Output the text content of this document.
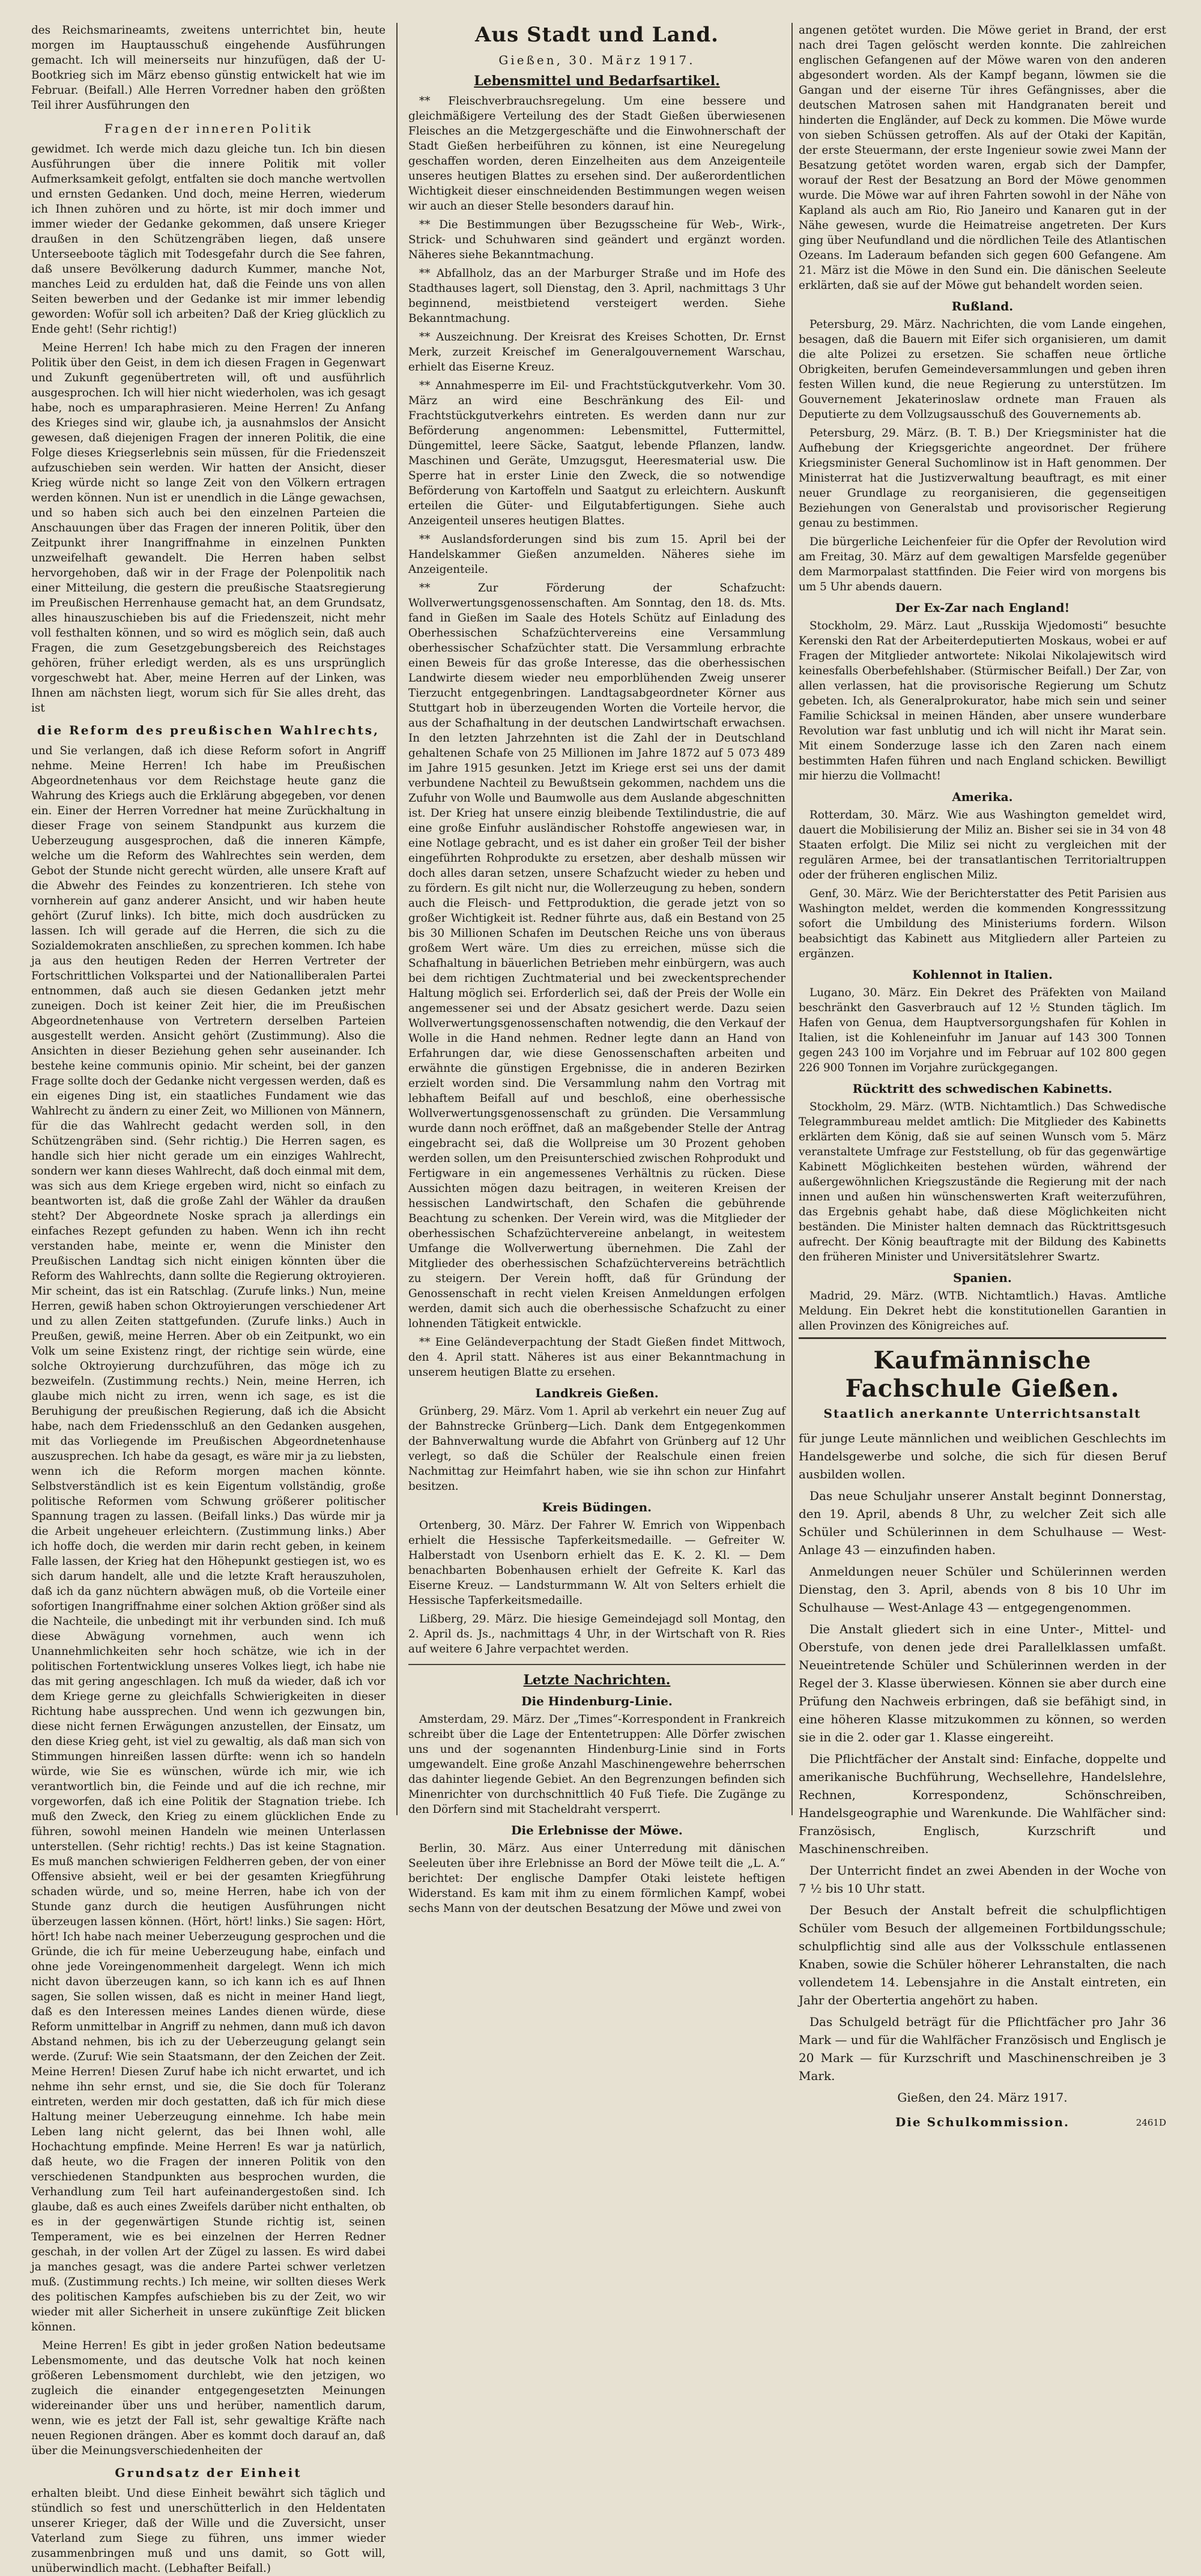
des Reichsmarineamts, zweitens unterrichtet bin, heute morgen im Hauptausschuß eingehende Ausführungen gemacht. Ich will meinerseits nur hinzufügen, daß der U-Bootkrieg sich im März ebenso günstig entwickelt hat wie im Februar. (Beifall.) Alle Herren Vorredner haben den größten Teil ihrer Ausführungen den

Fragen der inneren Politik

gewidmet. Ich werde mich dazu gleiche tun. Ich bin diesen Ausführungen über die innere Politik mit voller Aufmerksamkeit gefolgt, entfalten sie doch manche wertvollen und ernsten Gedanken. Und doch, meine Herren, wiederum ich Ihnen zuhören und zu hörte, ist mir doch immer und immer wieder der Gedanke gekommen, daß unsere Krieger draußen in den Schützengräben liegen, daß unsere Unterseeboote täglich mit Todesgefahr durch die See fahren, daß unsere Bevölkerung dadurch Kummer, manche Not, manches Leid zu erdulden hat, daß die Feinde uns von allen Seiten bewerben und der Gedanke ist mir immer lebendig geworden: Wofür soll ich arbeiten? Daß der Krieg glücklich zu Ende geht! (Sehr richtig!)

Meine Herren! Ich habe mich zu den Fragen der inneren Politik über den Geist, in dem ich diesen Fragen in Gegenwart und Zukunft gegenübertreten will, oft und ausführlich ausgesprochen. Ich will hier nicht wiederholen, was ich gesagt habe, noch es umparaphrasieren. Meine Herren! Zu Anfang des Krieges sind wir, glaube ich, ja ausnahmslos der Ansicht gewesen, daß diejenigen Fragen der inneren Politik, die eine Folge dieses Kriegserlebnis sein müssen, für die Friedenszeit aufzuschieben sein werden. Wir hatten der Ansicht, dieser Krieg würde nicht so lange Zeit von den Völkern ertragen werden können. Nun ist er unendlich in die Länge gewachsen, und so haben sich auch bei den einzelnen Parteien die Anschauungen über das Fragen der inneren Politik, über den Zeitpunkt ihrer Inangriffnahme in einzelnen Punkten unzweifelhaft gewandelt. Die Herren haben selbst hervorgehoben, daß wir in der Frage der Polenpolitik nach einer Mitteilung, die gestern die preußische Staatsregierung im Preußischen Herrenhause gemacht hat, an dem Grundsatz, alles hinauszuschieben bis auf die Friedenszeit, nicht mehr voll festhalten können, und so wird es möglich sein, daß auch Fragen, die zum Gesetzgebungsbereich des Reichstages gehören, früher erledigt werden, als es uns ursprünglich vorgeschwebt hat. Aber, meine Herren auf der Linken, was Ihnen am nächsten liegt, worum sich für Sie alles dreht, das ist

die Reform des preußischen Wahlrechts,

und Sie verlangen, daß ich diese Reform sofort in Angriff nehme. Meine Herren! Ich habe im Preußischen Abgeordnetenhaus vor dem Reichstage heute ganz die Wahrung des Kriegs auch die Erklärung abgegeben, vor denen ein. Einer der Herren Vorredner hat meine Zurückhaltung in dieser Frage von seinem Standpunkt aus kurzem die Ueberzeugung ausgesprochen, daß die inneren Kämpfe, welche um die Reform des Wahlrechtes sein werden, dem Gebot der Stunde nicht gerecht würden, alle unsere Kraft auf die Abwehr des Feindes zu konzentrieren. Ich stehe von vornherein auf ganz anderer Ansicht, und wir haben heute gehört (Zuruf links). Ich bitte, mich doch ausdrücken zu lassen. Ich will gerade auf die Herren, die sich zu die Sozialdemokraten anschließen, zu sprechen kommen. Ich habe ja aus den heutigen Reden der Herren Vertreter der Fortschrittlichen Volkspartei und der Nationalliberalen Partei entnommen, daß auch sie diesen Gedanken jetzt mehr zuneigen. Doch ist keiner Zeit hier, die im Preußischen Abgeordnetenhause von Vertretern derselben Parteien ausgestellt werden. Ansicht gehört (Zustimmung). Also die Ansichten in dieser Beziehung gehen sehr auseinander. Ich bestehe keine communis opinio. Mir scheint, bei der ganzen Frage sollte doch der Gedanke nicht vergessen werden, daß es ein eigenes Ding ist, ein staatliches Fundament wie das Wahlrecht zu ändern zu einer Zeit, wo Millionen von Männern, für die das Wahlrecht gedacht werden soll, in den Schützengräben sind. (Sehr richtig.) Die Herren sagen, es handle sich hier nicht gerade um ein einziges Wahlrecht, sondern wer kann dieses Wahlrecht, daß doch einmal mit dem, was sich aus dem Kriege ergeben wird, nicht so einfach zu beantworten ist, daß die große Zahl der Wähler da draußen steht? Der Abgeordnete Noske sprach ja allerdings ein einfaches Rezept gefunden zu haben. Wenn ich ihn recht verstanden habe, meinte er, wenn die Minister den Preußischen Landtag sich nicht einigen könnten über die Reform des Wahlrechts, dann sollte die Regierung oktroyieren. Mir scheint, das ist ein Ratschlag. (Zurufe links.) Nun, meine Herren, gewiß haben schon Oktroyierungen verschiedener Art und zu allen Zeiten stattgefunden. (Zurufe links.) Auch in Preußen, gewiß, meine Herren. Aber ob ein Zeitpunkt, wo ein Volk um seine Existenz ringt, der richtige sein würde, eine solche Oktroyierung durchzuführen, das möge ich zu bezweifeln. (Zustimmung rechts.) Nein, meine Herren, ich glaube mich nicht zu irren, wenn ich sage, es ist die Beruhigung der preußischen Regierung, daß ich die Absicht habe, nach dem Friedensschluß an den Gedanken ausgehen, mit das Vorliegende im Preußischen Abgeordnetenhause auszusprechen. Ich habe da gesagt, es wäre mir ja zu liebsten, wenn ich die Reform morgen machen könnte. Selbstverständlich ist es kein Eigentum vollständig, große politische Reformen vom Schwung größerer politischer Spannung tragen zu lassen. (Beifall links.) Das würde mir ja die Arbeit ungeheuer erleichtern. (Zustimmung links.) Aber ich hoffe doch, die werden mir darin recht geben, in keinem Falle lassen, der Krieg hat den Höhepunkt gestiegen ist, wo es sich darum handelt, alle und die letzte Kraft herauszuholen, daß ich da ganz nüchtern abwägen muß, ob die Vorteile einer sofortigen Inangriffnahme einer solchen Aktion größer sind als die Nachteile, die unbedingt mit ihr verbunden sind. Ich muß diese Abwägung vornehmen, auch wenn ich Unannehmlichkeiten sehr hoch schätze, wie ich in der politischen Fortentwicklung unseres Volkes liegt, ich habe nie das mit gering angeschlagen. Ich muß da wieder, daß ich vor dem Kriege gerne zu gleichfalls Schwierigkeiten in dieser Richtung habe aussprechen. Und wenn ich gezwungen bin, diese nicht fernen Erwägungen anzustellen, der Einsatz, um den diese Krieg geht, ist viel zu gewaltig, als daß man sich von Stimmungen hinreißen lassen dürfte: wenn ich so handeln würde, wie Sie es wünschen, würde ich mir, wie ich verantwortlich bin, die Feinde und auf die ich rechne, mir vorgeworfen, daß ich eine Politik der Stagnation triebe. Ich muß den Zweck, den Krieg zu einem glücklichen Ende zu führen, sowohl meinen Handeln wie meinen Unterlassen unterstellen. (Sehr richtig! rechts.) Das ist keine Stagnation. Es muß manchen schwierigen Feldherren geben, der von einer Offensive absieht, weil er bei der gesamten Kriegführung schaden würde, und so, meine Herren, habe ich von der Stunde ganz durch die heutigen Ausführungen nicht überzeugen lassen können. (Hört, hört! links.) Sie sagen: Hört, hört! Ich habe nach meiner Ueberzeugung gesprochen und die Gründe, die ich für meine Ueberzeugung habe, einfach und ohne jede Voreingenommenheit dargelegt. Wenn ich mich nicht davon überzeugen kann, so ich kann ich es auf Ihnen sagen, Sie sollen wissen, daß es nicht in meiner Hand liegt, daß es den Interessen meines Landes dienen würde, diese Reform unmittelbar in Angriff zu nehmen, dann muß ich davon Abstand nehmen, bis ich zu der Ueberzeugung gelangt sein werde. (Zuruf: Wie sein Staatsmann, der den Zeichen der Zeit. Meine Herren! Diesen Zuruf habe ich nicht erwartet, und ich nehme ihn sehr ernst, und sie, die Sie doch für Toleranz eintreten, werden mir doch gestatten, daß ich für mich diese Haltung meiner Ueberzeugung einnehme. Ich habe mein Leben lang nicht gelernt, das bei Ihnen wohl, alle Hochachtung empfinde. Meine Herren! Es war ja natürlich, daß heute, wo die Fragen der inneren Politik von den verschiedenen Standpunkten aus besprochen wurden, die Verhandlung zum Teil hart aufeinandergestoßen sind. Ich glaube, daß es auch eines Zweifels darüber nicht enthalten, ob es in der gegenwärtigen Stunde richtig ist, seinen Temperament, wie es bei einzelnen der Herren Redner geschah, in der vollen Art der Zügel zu lassen. Es wird dabei ja manches gesagt, was die andere Partei schwer verletzen muß. (Zustimmung rechts.) Ich meine, wir sollten dieses Werk des politischen Kampfes aufschieben bis zu der Zeit, wo wir wieder mit aller Sicherheit in unsere zukünftige Zeit blicken können.

Meine Herren! Es gibt in jeder großen Nation bedeutsame Lebensmomente, und das deutsche Volk hat noch keinen größeren Lebensmoment durchlebt, wie den jetzigen, wo zugleich die einander entgegengesetzten Meinungen widereinander über uns und herüber, namentlich darum, wenn, wie es jetzt der Fall ist, sehr gewaltige Kräfte nach neuen Regionen drängen. Aber es kommt doch darauf an, daß über die Meinungsverschiedenheiten der

Grundsatz der Einheit

erhalten bleibt. Und diese Einheit bewährt sich täglich und stündlich so fest und unerschütterlich in den Heldentaten unserer Krieger, daß der Wille und die Zuversicht, unser Vaterland zum Siege zu führen, uns immer wieder zusammenbringen muß und uns damit, so Gott will, unüberwindlich macht. (Lebhafter Beifall.)

Aus Stadt und Land.
Gießen, 30. März 1917.
Lebensmittel und Bedarfsartikel.

** Fleischverbrauchsregelung. Um eine bessere und gleichmäßigere Verteilung des der Stadt Gießen überwiesenen Fleisches an die Metzgergeschäfte und die Einwohnerschaft der Stadt Gießen herbeiführen zu können, ist eine Neuregelung geschaffen worden, deren Einzelheiten aus dem Anzeigenteile unseres heutigen Blattes zu ersehen sind. Der außerordentlichen Wichtigkeit dieser einschneidenden Bestimmungen wegen weisen wir auch an dieser Stelle besonders darauf hin.

** Die Bestimmungen über Bezugsscheine für Web-, Wirk-, Strick- und Schuhwaren sind geändert und ergänzt worden. Näheres siehe Bekanntmachung.

** Abfallholz, das an der Marburger Straße und im Hofe des Stadthauses lagert, soll Dienstag, den 3. April, nachmittags 3 Uhr beginnend, meistbietend versteigert werden. Siehe Bekanntmachung.

** Auszeichnung. Der Kreisrat des Kreises Schotten, Dr. Ernst Merk, zurzeit Kreischef im Generalgouvernement Warschau, erhielt das Eiserne Kreuz.

** Annahmesperre im Eil- und Frachtstückgutverkehr. Vom 30. März an wird eine Beschränkung des Eil- und Frachtstückgutverkehrs eintreten. Es werden dann nur zur Beförderung angenommen: Lebensmittel, Futtermittel, Düngemittel, leere Säcke, Saatgut, lebende Pflanzen, landw. Maschinen und Geräte, Umzugsgut, Heeresmaterial usw. Die Sperre hat in erster Linie den Zweck, die so notwendige Beförderung von Kartoffeln und Saatgut zu erleichtern. Auskunft erteilen die Güter- und Eilgutabfertigungen. Siehe auch Anzeigenteil unseres heutigen Blattes.

** Auslandsforderungen sind bis zum 15. April bei der Handelskammer Gießen anzumelden. Näheres siehe im Anzeigenteile.

** Zur Förderung der Schafzucht: Wollverwertungsgenossenschaften. Am Sonntag, den 18. ds. Mts. fand in Gießen im Saale des Hotels Schütz auf Einladung des Oberhessischen Schafzüchtervereins eine Versammlung oberhessischer Schafzüchter statt. Die Versammlung erbrachte einen Beweis für das große Interesse, das die oberhessischen Landwirte diesem wieder neu emporblühenden Zweig unserer Tierzucht entgegenbringen. Landtagsabgeordneter Körner aus Stuttgart hob in überzeugenden Worten die Vorteile hervor, die aus der Schafhaltung in der deutschen Landwirtschaft erwachsen. In den letzten Jahrzehnten ist die Zahl der in Deutschland gehaltenen Schafe von 25 Millionen im Jahre 1872 auf 5 073 489 im Jahre 1915 gesunken. Jetzt im Kriege erst sei uns der damit verbundene Nachteil zu Bewußtsein gekommen, nachdem uns die Zufuhr von Wolle und Baumwolle aus dem Auslande abgeschnitten ist. Der Krieg hat unsere einzig bleibende Textilindustrie, die auf eine große Einfuhr ausländischer Rohstoffe angewiesen war, in eine Notlage gebracht, und es ist daher ein großer Teil der bisher eingeführten Rohprodukte zu ersetzen, aber deshalb müssen wir doch alles daran setzen, unsere Schafzucht wieder zu heben und zu fördern. Es gilt nicht nur, die Wollerzeugung zu heben, sondern auch die Fleisch- und Fettproduktion, die gerade jetzt von so großer Wichtigkeit ist. Redner führte aus, daß ein Bestand von 25 bis 30 Millionen Schafen im Deutschen Reiche uns von überaus großem Wert wäre. Um dies zu erreichen, müsse sich die Schafhaltung in bäuerlichen Betrieben mehr einbürgern, was auch bei dem richtigen Zuchtmaterial und bei zweckentsprechender Haltung möglich sei. Erforderlich sei, daß der Preis der Wolle ein angemessener sei und der Absatz gesichert werde. Dazu seien Wollverwertungsgenossenschaften notwendig, die den Verkauf der Wolle in die Hand nehmen. Redner legte dann an Hand von Erfahrungen dar, wie diese Genossenschaften arbeiten und erwähnte die günstigen Ergebnisse, die in anderen Bezirken erzielt worden sind. Die Versammlung nahm den Vortrag mit lebhaftem Beifall auf und beschloß, eine oberhessische Wollverwertungsgenossenschaft zu gründen. Die Versammlung wurde dann noch eröffnet, daß an maßgebender Stelle der Antrag eingebracht sei, daß die Wollpreise um 30 Prozent gehoben werden sollen, um den Preisunterschied zwischen Rohprodukt und Fertigware in ein angemessenes Verhältnis zu rücken. Diese Aussichten mögen dazu beitragen, in weiteren Kreisen der hessischen Landwirtschaft, den Schafen die gebührende Beachtung zu schenken. Der Verein wird, was die Mitglieder der oberhessischen Schafzüchtervereine anbelangt, in weitestem Umfange die Wollverwertung übernehmen. Die Zahl der Mitglieder des oberhessischen Schafzüchtervereins beträchtlich zu steigern. Der Verein hofft, daß für Gründung der Genossenschaft in recht vielen Kreisen Anmeldungen erfolgen werden, damit sich auch die oberhessische Schafzucht zu einer lohnenden Tätigkeit entwickle.

** Eine Geländeverpachtung der Stadt Gießen findet Mittwoch, den 4. April statt. Näheres ist aus einer Bekanntmachung in unserem heutigen Blatte zu ersehen.

Landkreis Gießen.

Grünberg, 29. März. Vom 1. April ab verkehrt ein neuer Zug auf der Bahnstrecke Grünberg—Lich. Dank dem Entgegenkommen der Bahnverwaltung wurde die Abfahrt von Grünberg auf 12 Uhr verlegt, so daß die Schüler der Realschule einen freien Nachmittag zur Heimfahrt haben, wie sie ihn schon zur Hinfahrt besitzen.

Kreis Büdingen.

Ortenberg, 30. März. Der Fahrer W. Emrich von Wippenbach erhielt die Hessische Tapferkeitsmedaille. — Gefreiter W. Halberstadt von Usenborn erhielt das E. K. 2. Kl. — Dem benachbarten Bobenhausen erhielt der Gefreite K. Karl das Eiserne Kreuz. — Landsturmmann W. Alt von Selters erhielt die Hessische Tapferkeitsmedaille.

Lißberg, 29. März. Die hiesige Gemeindejagd soll Montag, den 2. April ds. Js., nachmittags 4 Uhr, in der Wirtschaft von R. Ries auf weitere 6 Jahre verpachtet werden.

Letzte Nachrichten.
Die Hindenburg-Linie.

Amsterdam, 29. März. Der „Times“-Korrespondent in Frankreich schreibt über die Lage der Ententetruppen: Alle Dörfer zwischen uns und der sogenannten Hindenburg-Linie sind in Forts umgewandelt. Eine große Anzahl Maschinengewehre beherrschen das dahinter liegende Gebiet. An den Begrenzungen befinden sich Minenrichter von durchschnittlich 40 Fuß Tiefe. Die Zugänge zu den Dörfern sind mit Stacheldraht versperrt.

Die Erlebnisse der Möwe.

Berlin, 30. März. Aus einer Unterredung mit dänischen Seeleuten über ihre Erlebnisse an Bord der Möwe teilt die „L. A.“ berichtet: Der englische Dampfer Otaki leistete heftigen Widerstand. Es kam mit ihm zu einem förmlichen Kampf, wobei sechs Mann von der deutschen Besatzung der Möwe und zwei von

angenen getötet wurden. Die Möwe geriet in Brand, der erst nach drei Tagen gelöscht werden konnte. Die zahlreichen englischen Gefangenen auf der Möwe waren von den anderen abgesondert worden. Als der Kampf begann, löwmen sie die Gangan und der eiserne Tür ihres Gefängnisses, aber die deutschen Matrosen sahen mit Handgranaten bereit und hinderten die Engländer, auf Deck zu kommen. Die Möwe wurde von sieben Schüssen getroffen. Als auf der Otaki der Kapitän, der erste Steuermann, der erste Ingenieur sowie zwei Mann der Besatzung getötet worden waren, ergab sich der Dampfer, worauf der Rest der Besatzung an Bord der Möwe genommen wurde. Die Möwe war auf ihren Fahrten sowohl in der Nähe von Kapland als auch am Rio, Rio Janeiro und Kanaren gut in der Nähe gewesen, wurde die Heimatreise angetreten. Der Kurs ging über Neufundland und die nördlichen Teile des Atlantischen Ozeans. Im Laderaum befanden sich gegen 600 Gefangene. Am 21. März ist die Möwe in den Sund ein. Die dänischen Seeleute erklärten, daß sie auf der Möwe gut behandelt worden seien.

Rußland.

Petersburg, 29. März. Nachrichten, die vom Lande eingehen, besagen, daß die Bauern mit Eifer sich organisieren, um damit die alte Polizei zu ersetzen. Sie schaffen neue örtliche Obrigkeiten, berufen Gemeindeversammlungen und geben ihren festen Willen kund, die neue Regierung zu unterstützen. Im Gouvernement Jekaterinoslaw ordnete man Frauen als Deputierte zu dem Vollzugsausschuß des Gouvernements ab.

Petersburg, 29. März. (B. T. B.) Der Kriegsminister hat die Aufhebung der Kriegsgerichte angeordnet. Der frühere Kriegsminister General Suchomlinow ist in Haft genommen. Der Ministerrat hat die Justizverwaltung beauftragt, es mit einer neuer Grundlage zu reorganisieren, die gegenseitigen Beziehungen von Generalstab und provisorischer Regierung genau zu bestimmen.

Die bürgerliche Leichenfeier für die Opfer der Revolution wird am Freitag, 30. März auf dem gewaltigen Marsfelde gegenüber dem Marmorpalast stattfinden. Die Feier wird von morgens bis um 5 Uhr abends dauern.

Der Ex-Zar nach England!

Stockholm, 29. März. Laut „Russkija Wjedomosti“ besuchte Kerenski den Rat der Arbeiterdeputierten Moskaus, wobei er auf Fragen der Mitglieder antwortete: Nikolai Nikolajewitsch wird keinesfalls Oberbefehlshaber. (Stürmischer Beifall.) Der Zar, von allen verlassen, hat die provisorische Regierung um Schutz gebeten. Ich, als Generalprokurator, habe mich sein und seiner Familie Schicksal in meinen Händen, aber unsere wunderbare Revolution war fast unblutig und ich will nicht ihr Marat sein. Mit einem Sonderzuge lasse ich den Zaren nach einem bestimmten Hafen führen und nach England schicken. Bewilligt mir hierzu die Vollmacht!

Amerika.

Rotterdam, 30. März. Wie aus Washington gemeldet wird, dauert die Mobilisierung der Miliz an. Bisher sei sie in 34 von 48 Staaten erfolgt. Die Miliz sei nicht zu vergleichen mit der regulären Armee, bei der transatlantischen Territorialtruppen oder der früheren englischen Miliz.

Genf, 30. März. Wie der Berichterstatter des Petit Parisien aus Washington meldet, werden die kommenden Kongresssitzung sofort die Umbildung des Ministeriums fordern. Wilson beabsichtigt das Kabinett aus Mitgliedern aller Parteien zu ergänzen.

Kohlennot in Italien.

Lugano, 30. März. Ein Dekret des Präfekten von Mailand beschränkt den Gasverbrauch auf 12 ½ Stunden täglich. Im Hafen von Genua, dem Hauptversorgungshafen für Kohlen in Italien, ist die Kohleneinfuhr im Januar auf 143 300 Tonnen gegen 243 100 im Vorjahre und im Februar auf 102 800 gegen 226 900 Tonnen im Vorjahre zurückgegangen.

Rücktritt des schwedischen Kabinetts.

Stockholm, 29. März. (WTB. Nichtamtlich.) Das Schwedische Telegrammbureau meldet amtlich: Die Mitglieder des Kabinetts erklärten dem König, daß sie auf seinen Wunsch vom 5. März veranstaltete Umfrage zur Feststellung, ob für das gegenwärtige Kabinett Möglichkeiten bestehen würden, während der außergewöhnlichen Kriegszustände die Regierung mit der nach innen und außen hin wünschenswerten Kraft weiterzuführen, das Ergebnis gehabt habe, daß diese Möglichkeiten nicht beständen. Die Minister halten demnach das Rücktrittsgesuch aufrecht. Der König beauftragte mit der Bildung des Kabinetts den früheren Minister und Universitätslehrer Swartz.

Spanien.

Madrid, 29. März. (WTB. Nichtamtlich.) Havas. Amtliche Meldung. Ein Dekret hebt die konstitutionellen Garantien in allen Provinzen des Königreiches auf.

Kaufmännische Fachschule Gießen.
Staatlich anerkannte Unterrichtsanstalt

für junge Leute männlichen und weiblichen Geschlechts im Handelsgewerbe und solche, die sich für diesen Beruf ausbilden wollen.

Das neue Schuljahr unserer Anstalt beginnt Donnerstag, den 19. April, abends 8 Uhr, zu welcher Zeit sich alle Schüler und Schülerinnen in dem Schulhause — West-Anlage 43 — einzufinden haben.

Anmeldungen neuer Schüler und Schülerinnen werden Dienstag, den 3. April, abends von 8 bis 10 Uhr im Schulhause — West-Anlage 43 — entgegengenommen.

Die Anstalt gliedert sich in eine Unter-, Mittel- und Oberstufe, von denen jede drei Parallelklassen umfaßt. Neueintretende Schüler und Schülerinnen werden in der Regel der 3. Klasse überwiesen. Können sie aber durch eine Prüfung den Nachweis erbringen, daß sie befähigt sind, in eine höheren Klasse mitzukommen zu können, so werden sie in die 2. oder gar 1. Klasse eingereiht.

Die Pflichtfächer der Anstalt sind: Einfache, doppelte und amerikanische Buchführung, Wechsellehre, Handelslehre, Rechnen, Korrespondenz, Schönschreiben, Handelsgeographie und Warenkunde. Die Wahlfächer sind: Französisch, Englisch, Kurzschrift und Maschinenschreiben.

Der Unterricht findet an zwei Abenden in der Woche von 7 ½ bis 10 Uhr statt.

Der Besuch der Anstalt befreit die schulpflichtigen Schüler vom Besuch der allgemeinen Fortbildungsschule; schulpflichtig sind alle aus der Volksschule entlassenen Knaben, sowie die Schüler höherer Lehranstalten, die nach vollendetem 14. Lebensjahre in die Anstalt eintreten, ein Jahr der Obertertia angehört zu haben.

Das Schulgeld beträgt für die Pflichtfächer pro Jahr 36 Mark — und für die Wahlfächer Französisch und Englisch je 20 Mark — für Kurzschrift und Maschinenschreiben je 3 Mark.

Gießen, den 24. März 1917.

Die Schulkommission.	2461D
